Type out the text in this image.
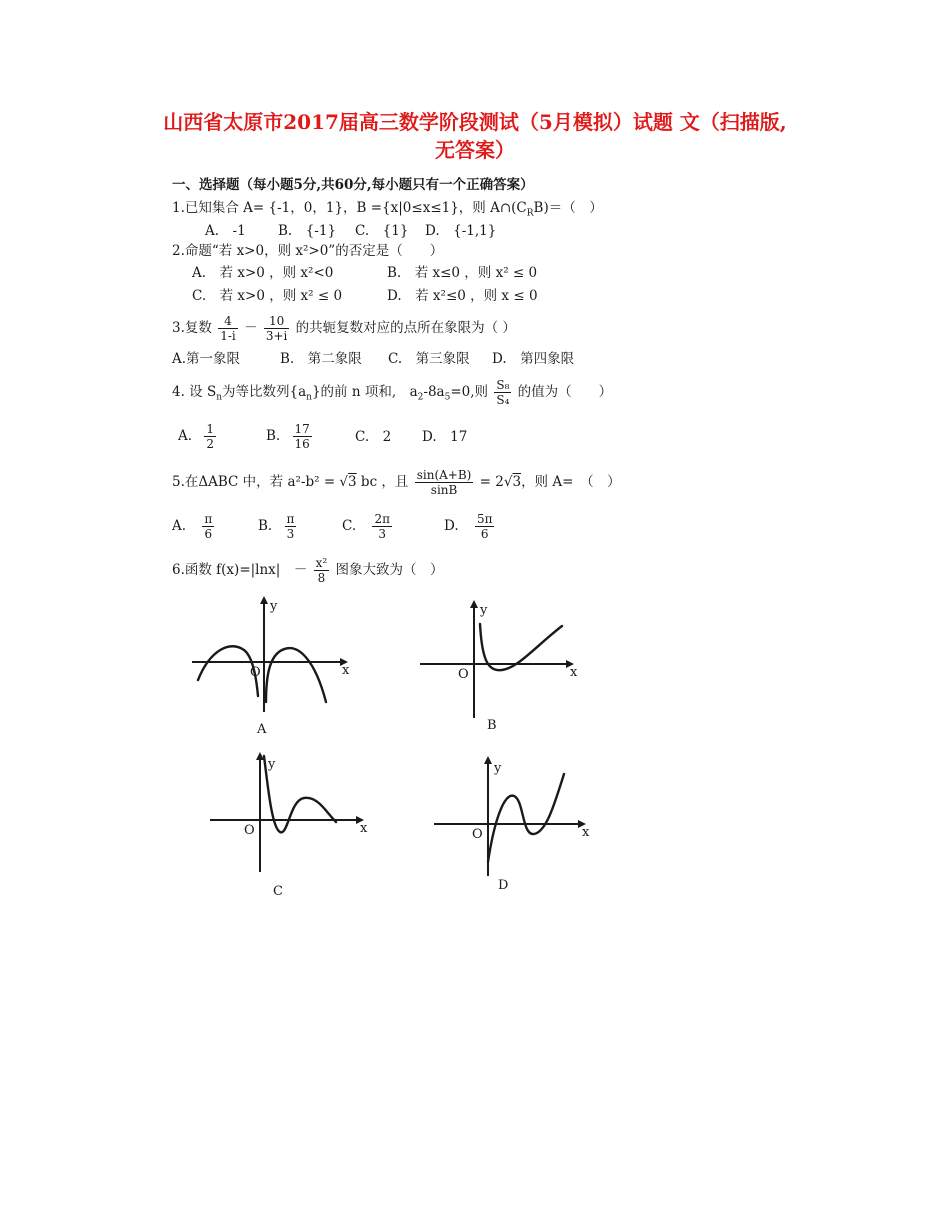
山西省太原市2017届高三数学阶段测试（5月模拟）试题 文（扫描版,
无答案）
一、选择题（每小题5分,共60分,每小题只有一个正确答案）
1.已知集合 A= {-1，0，1}，B ={x|0≤x≤1}，则 $A\cap(C_RB)=$（　）
A.　-1 B.　{-1} C.　{1} D.　{-1,1}
2.命题“若 x>0，则 x²>0”的否定是（　　）
A.　若 x>0 ，则 x²<0	B.　若 x≤0 ，则 x² ≤ 0
C.　若 x>0 ，则 x² ≤ 0	D.　若 x²≤0 ，则 x ≤ 0
3.复数 $\frac{4}{1-i} - \frac{10}{3+i}$ 的共轭复数对应的点所在象限为（ ）
A.第一象限	B.　第二象限 C.　第三象限 D.　第四象限
4. 设 $S_n$为等比数列$\{a_n\}$的前 n 项和,　$a_2-8a_5=0$,则 $\frac{\text{S₈}}{\text{S₄}}$ 的值为（　　）
A. $\frac{1}{2}$	B. $\frac{17}{16}$	C.　2 D.　17
5.在ΔABC 中，若 a²-b² = √3 bc ，且 $\frac{\sin(A+B)}{\sin B} = 2√3$，则 A=　（　）
A. $\frac{\pi}{6}$	B. $\frac{\pi}{3}$	C. $\frac{2\pi}{3}$	D. $\frac{5\pi}{6}$
6.函数 f(x)=|lnx|　－ $\frac{\text{x²}}{8}$ 图象大致为（　）
x
y
O
A
x
y
O
B
x
y
O
C
x
y
O
D
